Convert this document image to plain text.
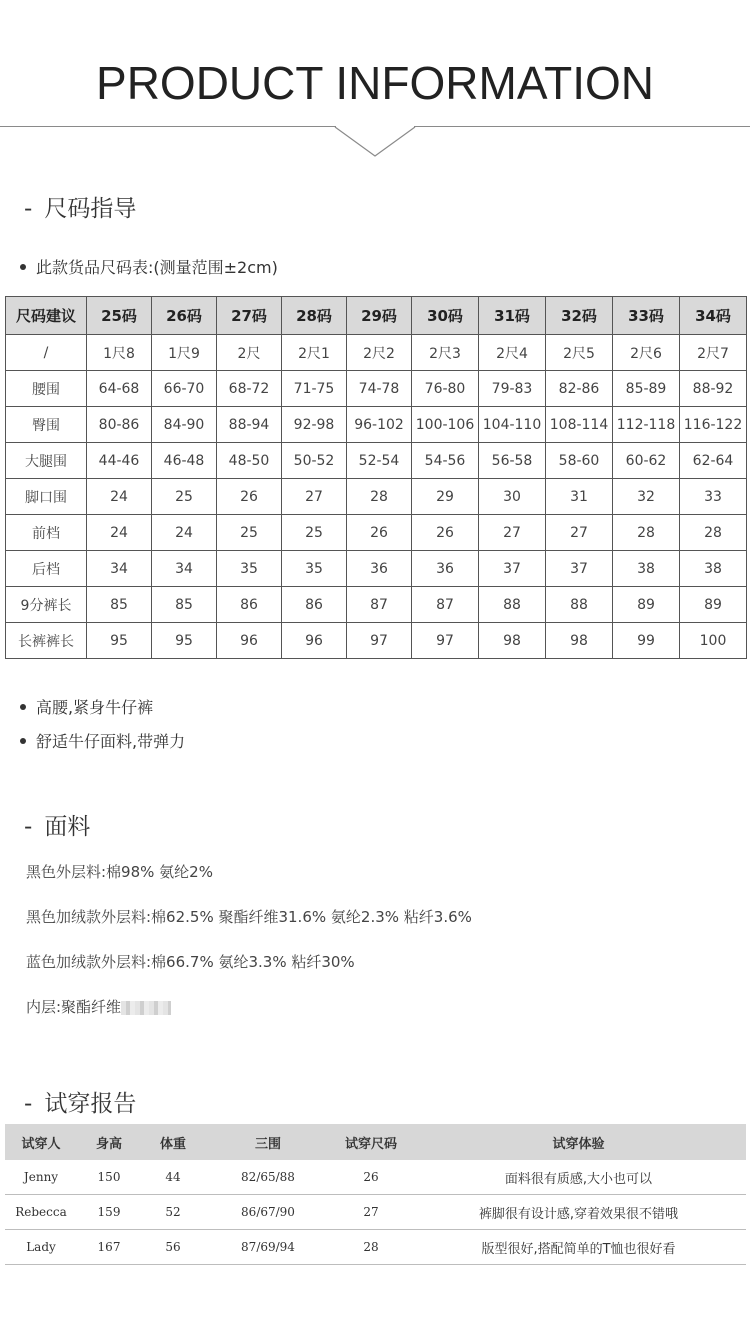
PRODUCT INFORMATION
- 尺码指导
此款货品尺码表:(测量范围±2cm)
尺码建议	25码	26码	27码	28码	29码	30码	31码	32码	33码	34码
/	1尺8	1尺9	2尺	2尺1	2尺2	2尺3	2尺4	2尺5	2尺6	2尺7
腰围	64-68	66-70	68-72	71-75	74-78	76-80	79-83	82-86	85-89	88-92
臀围	80-86	84-90	88-94	92-98	96-102	100-106	104-110	108-114	112-118	116-122
大腿围	44-46	46-48	48-50	50-52	52-54	54-56	56-58	58-60	60-62	62-64
脚口围	24	25	26	27	28	29	30	31	32	33
前档	24	24	25	25	26	26	27	27	28	28
后档	34	34	35	35	36	36	37	37	38	38
9分裤长	85	85	86	86	87	87	88	88	89	89
长裤裤长	95	95	96	96	97	97	98	98	99	100
高腰,紧身牛仔裤
舒适牛仔面料,带弹力
- 面料
黑色外层料:棉98% 氨纶2%
黑色加绒款外层料:棉62.5% 聚酯纤维31.6% 氨纶2.3% 粘纤3.6%
蓝色加绒款外层料:棉66.7% 氨纶3.3% 粘纤30%
内层:聚酯纤维
- 试穿报告
试穿人	身高	体重	三围	试穿尺码	试穿体验
Jenny	150	44	82/65/88	26	面料很有质感,大小也可以
Rebecca	159	52	86/67/90	27	裤脚很有设计感,穿着效果很不错哦
Lady	167	56	87/69/94	28	版型很好,搭配简单的T恤也很好看
